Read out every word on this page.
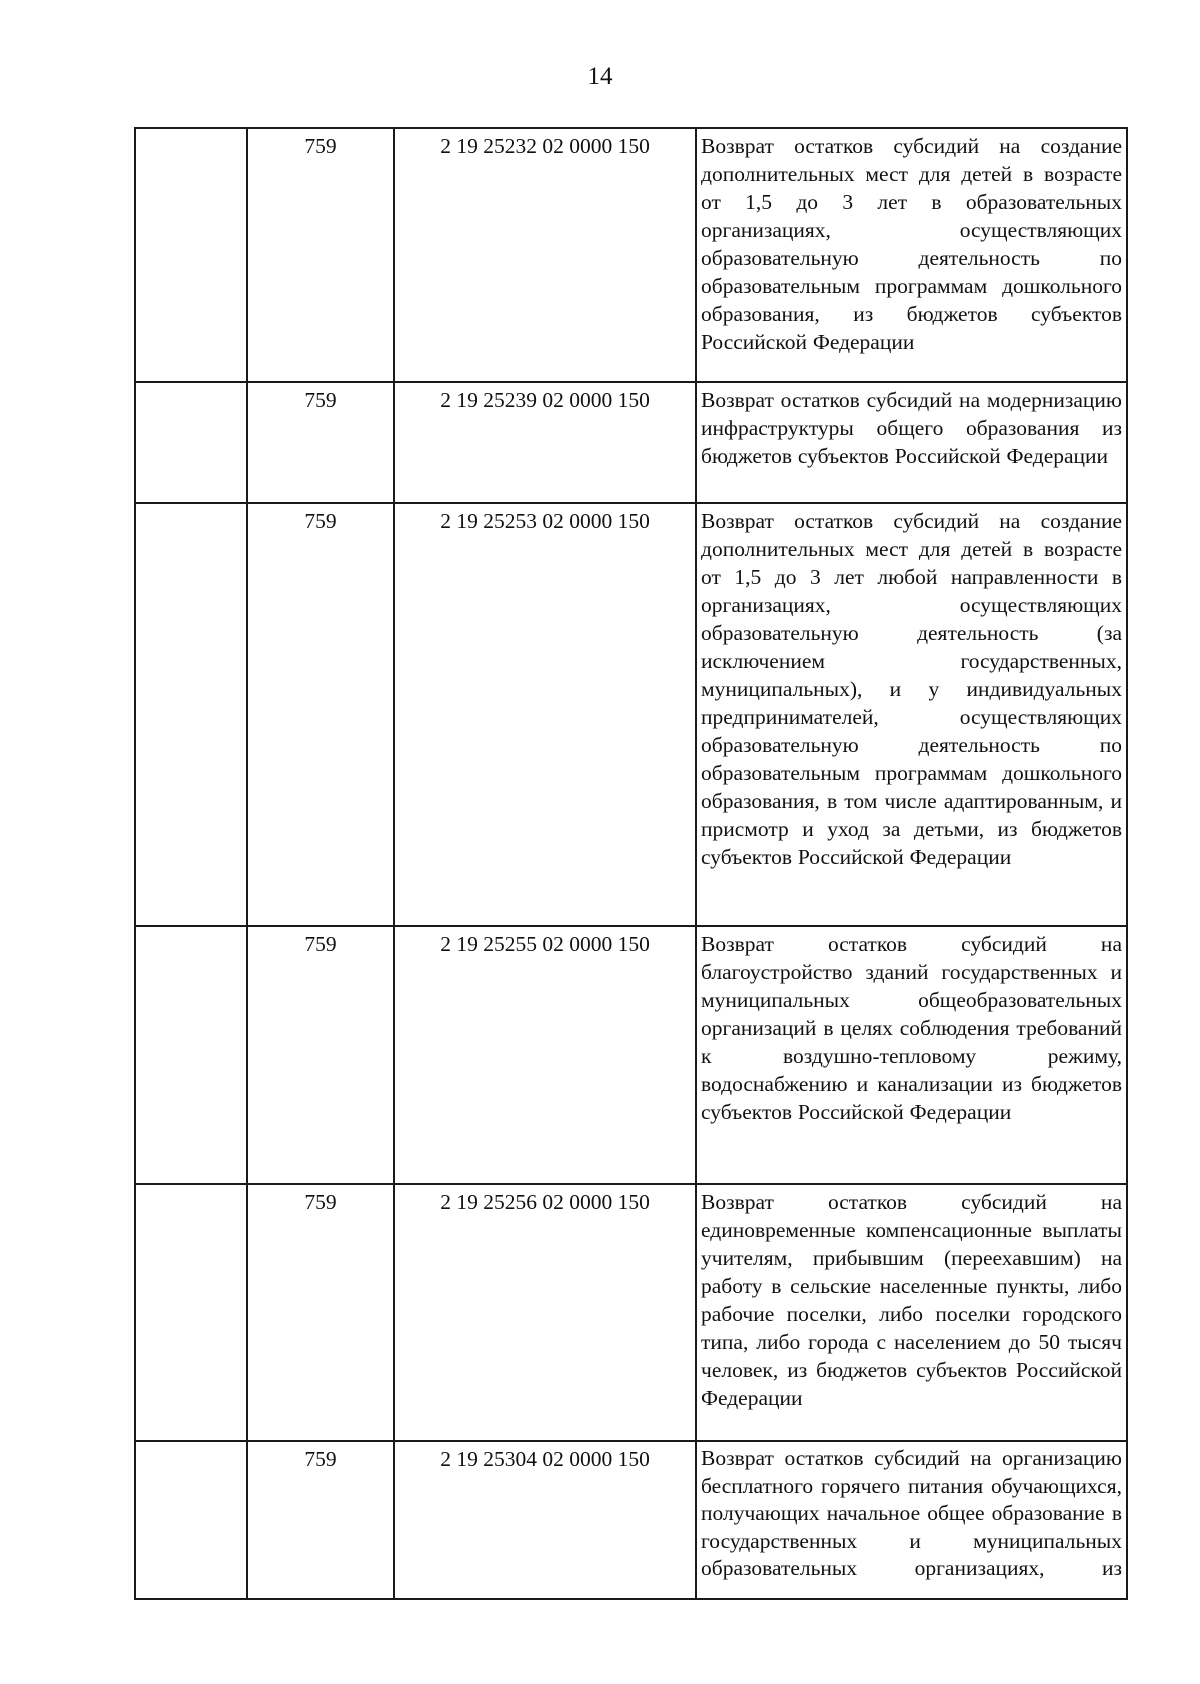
14
	759	2 19 25232 02 0000 150	Возврат остатков субсидий на создание дополнительных мест для детей в возрасте от 1,5 до 3 лет в образовательных организациях, осуществляющих образовательную деятельность по образовательным программам дошкольного образования, из бюджетов субъектов Российской Федерации
	759	2 19 25239 02 0000 150	Возврат остатков субсидий на модернизацию инфраструктуры общего образования из бюджетов субъектов Российской Федерации
	759	2 19 25253 02 0000 150	Возврат остатков субсидий на создание дополнительных мест для детей в возрасте от 1,5 до 3 лет любой направленности в организациях, осуществляющих образовательную деятельность (за исключением государственных, муниципальных), и у индивидуальных предпринимателей, осуществляющих образовательную деятельность по образовательным программам дошкольного образования, в том числе адаптированным, и присмотр и уход за детьми, из бюджетов субъектов Российской Федерации
	759	2 19 25255 02 0000 150	Возврат остатков субсидий на благоустройство зданий государственных и муниципальных общеобразовательных организаций в целях соблюдения требований к воздушно-тепловому режиму, водоснабжению и канализации из бюджетов субъектов Российской Федерации
	759	2 19 25256 02 0000 150	Возврат остатков субсидий на единовременные компенсационные выплаты учителям, прибывшим (переехавшим) на работу в сельские населенные пункты, либо рабочие поселки, либо поселки городского типа, либо города с населением до 50 тысяч человек, из бюджетов субъектов Российской Федерации
	759	2 19 25304 02 0000 150	Возврат остатков субсидий на организацию бесплатного горячего питания обучающихся, получающих начальное общее образование в государственных и муниципальных образовательных организациях, из
